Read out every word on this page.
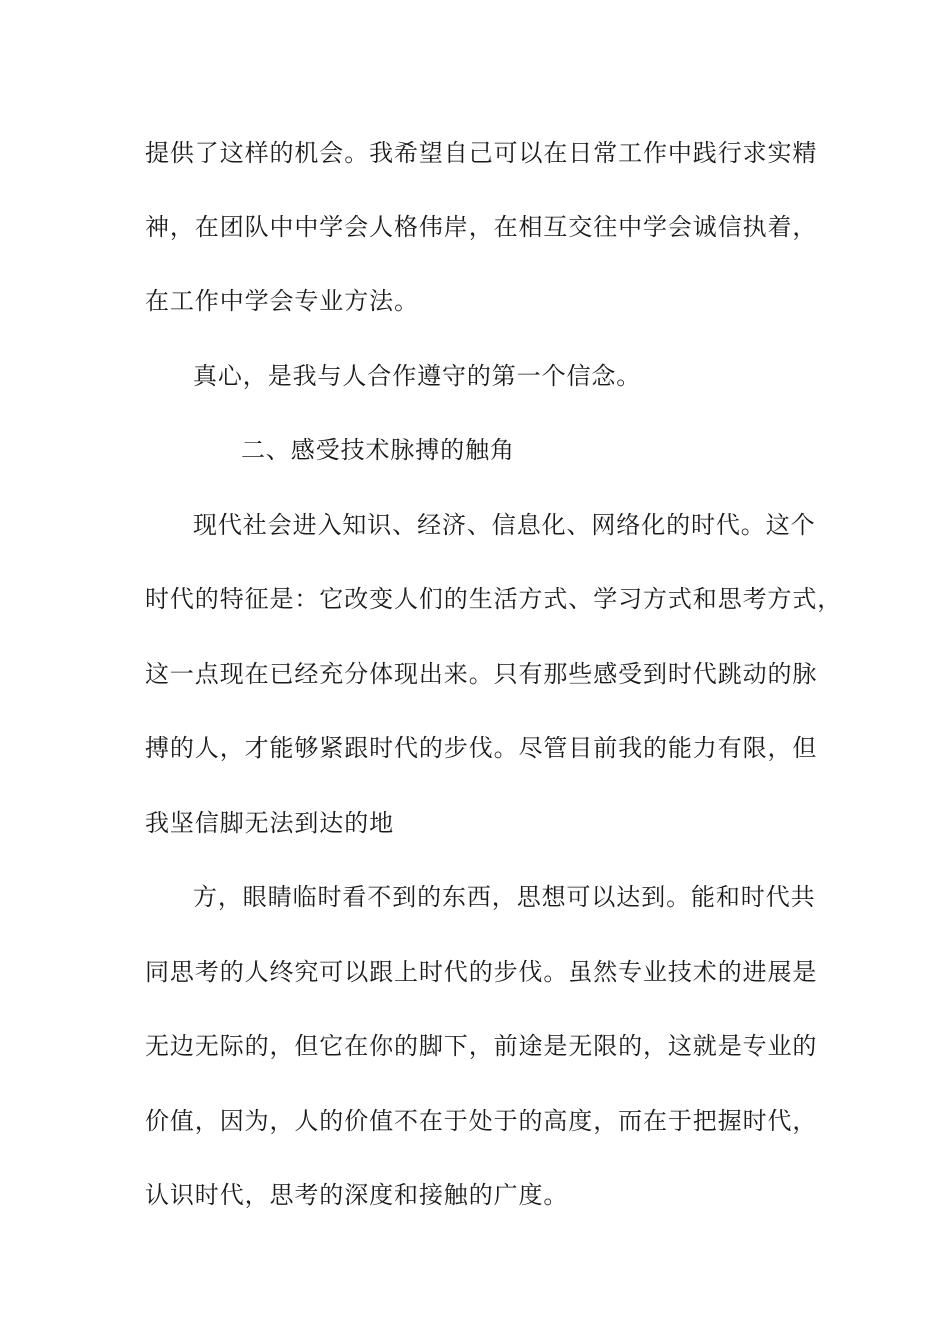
提供了这样的机会。我希望自己可以在日常工作中践行求实精
神，在团队中中学会人格伟岸，在相互交往中学会诚信执着，
在工作中学会专业方法。
真心，是我与人合作遵守的第一个信念。
二、感受技术脉搏的触角
现代社会进入知识、经济、信息化、网络化的时代。这个
时代的特征是：它改变人们的生活方式、学习方式和思考方式，
这一点现在已经充分体现出来。只有那些感受到时代跳动的脉
搏的人，才能够紧跟时代的步伐。尽管目前我的能力有限，但
我坚信脚无法到达的地
方，眼睛临时看不到的东西，思想可以达到。能和时代共
同思考的人终究可以跟上时代的步伐。虽然专业技术的进展是
无边无际的，但它在你的脚下，前途是无限的，这就是专业的
价值，因为，人的价值不在于处于的高度，而在于把握时代，
认识时代，思考的深度和接触的广度。
